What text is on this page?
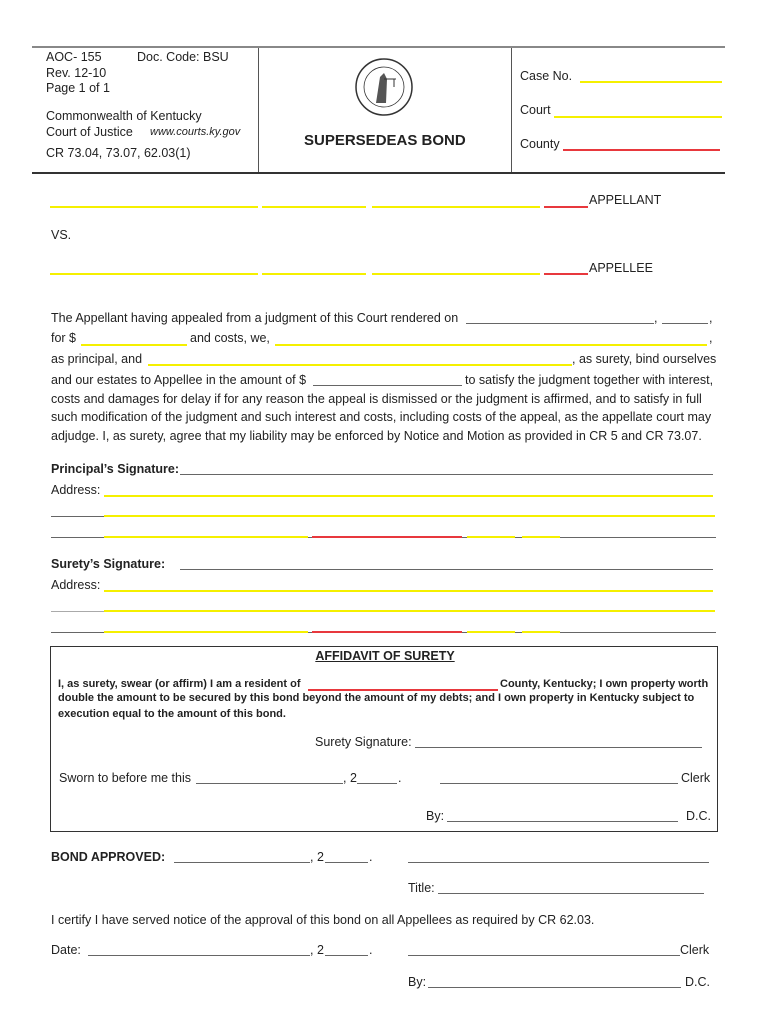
AOC- 155	Doc. Code: BSU
Rev. 12-10
Page 1 of 1
Commonwealth of Kentucky
Court of Justice www.courts.ky.gov
CR 73.04, 73.07, 62.03(1)
SUPERSEDEAS BOND
Case No.
Court
County
APPELLANT
VS.
APPELLEE
The Appellant having appealed from a judgment of this Court rendered on	,	,
for $	and costs, we,	,
as principal, and	, as surety, bind ourselves
and our estates to Appellee in the amount of $	to satisfy the judgment together with interest,
costs and damages for delay if for any reason the appeal is dismissed or the judgment is affirmed, and to satisfy in full
such modification of the judgment and such interest and costs, including costs of the appeal, as the appellate court may
adjudge. I, as surety, agree that my liability may be enforced by Notice and Motion as provided in CR 5 and CR 73.07.
Principal’s Signature:
Address:
Surety’s Signature:
Address:
AFFIDAVIT OF SURETY
I, as surety, swear (or affirm) I am a resident of	County, Kentucky; I own property worth
double the amount to be secured by this bond beyond the amount of my debts; and I own property in Kentucky subject to
execution equal to the amount of this bond.
Surety Signature:
Sworn to before me this	, 2	.	Clerk
By:	D.C.
BOND APPROVED:	, 2	.
Title:
I certify I have served notice of the approval of this bond on all Appellees as required by CR 62.03.
Date:	, 2	.	Clerk
By:	D.C.
